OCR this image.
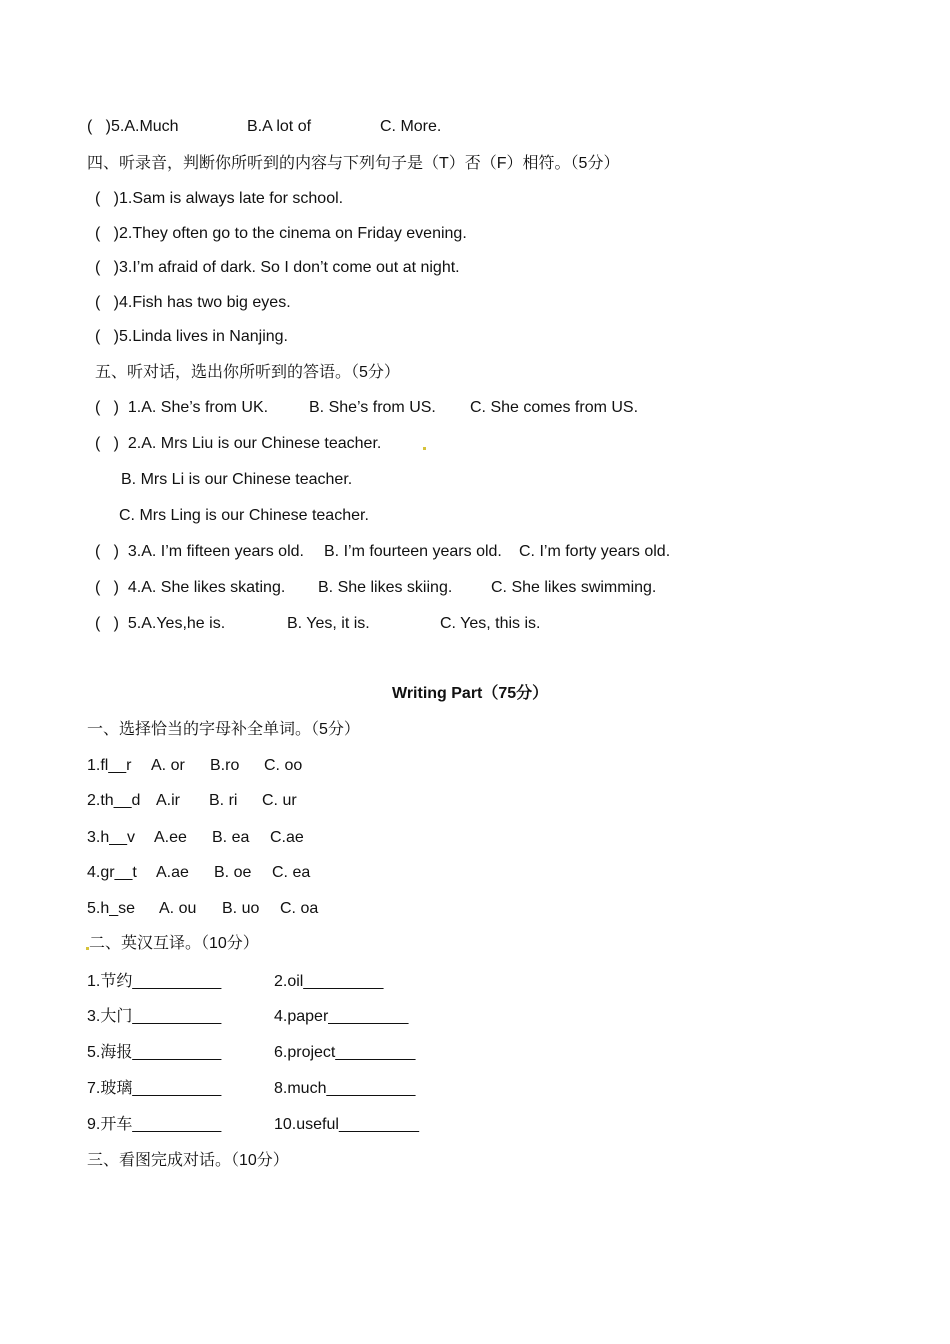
(   )5.A.Much	B.A lot of	C. More.
四、听录音，判断你所听到的内容与下列句子是（T）否（F）相符。（5分）
(   )1.Sam is always late for school.
(   )2.They often go to the cinema on Friday evening.
(   )3.I’m afraid of dark. So I don’t come out at night.
(   )4.Fish has two big eyes.
(   )5.Linda lives in Nanjing.
五、听对话，选出你所听到的答语。（5分）
(   )  1.A. She’s from UK.	B. She’s from US. C. She comes from US.
(   )  2.A. Mrs Liu is our Chinese teacher.
B. Mrs Li is our Chinese teacher.
C. Mrs Ling is our Chinese teacher.
(   )  3.A. I’m fifteen years old. B. I’m fourteen years old. C. I’m forty years old.
(   )  4.A. She likes skating. B. She likes skiing. C. She likes swimming.
(   )  5.A.Yes,he is.	B. Yes, it is.	C. Yes, this is.
Writing Part（75分）
一、选择恰当的字母补全单词。（5分）
1.fl__r A. or B.ro C. oo
2.th__d A.ir B. ri C. ur
3.h__v A.ee B. ea C.ae
4.gr__t A.ae B. oe C. ea
5.h_se A. ou B. uo C. oa
二、英汉互译。（10分）
1.节约__________	2.oil_________
3.大门__________	4.paper_________
5.海报__________	6.project_________
7.玻璃__________	8.much__________
9.开车__________	10.useful_________
三、看图完成对话。（10分）
